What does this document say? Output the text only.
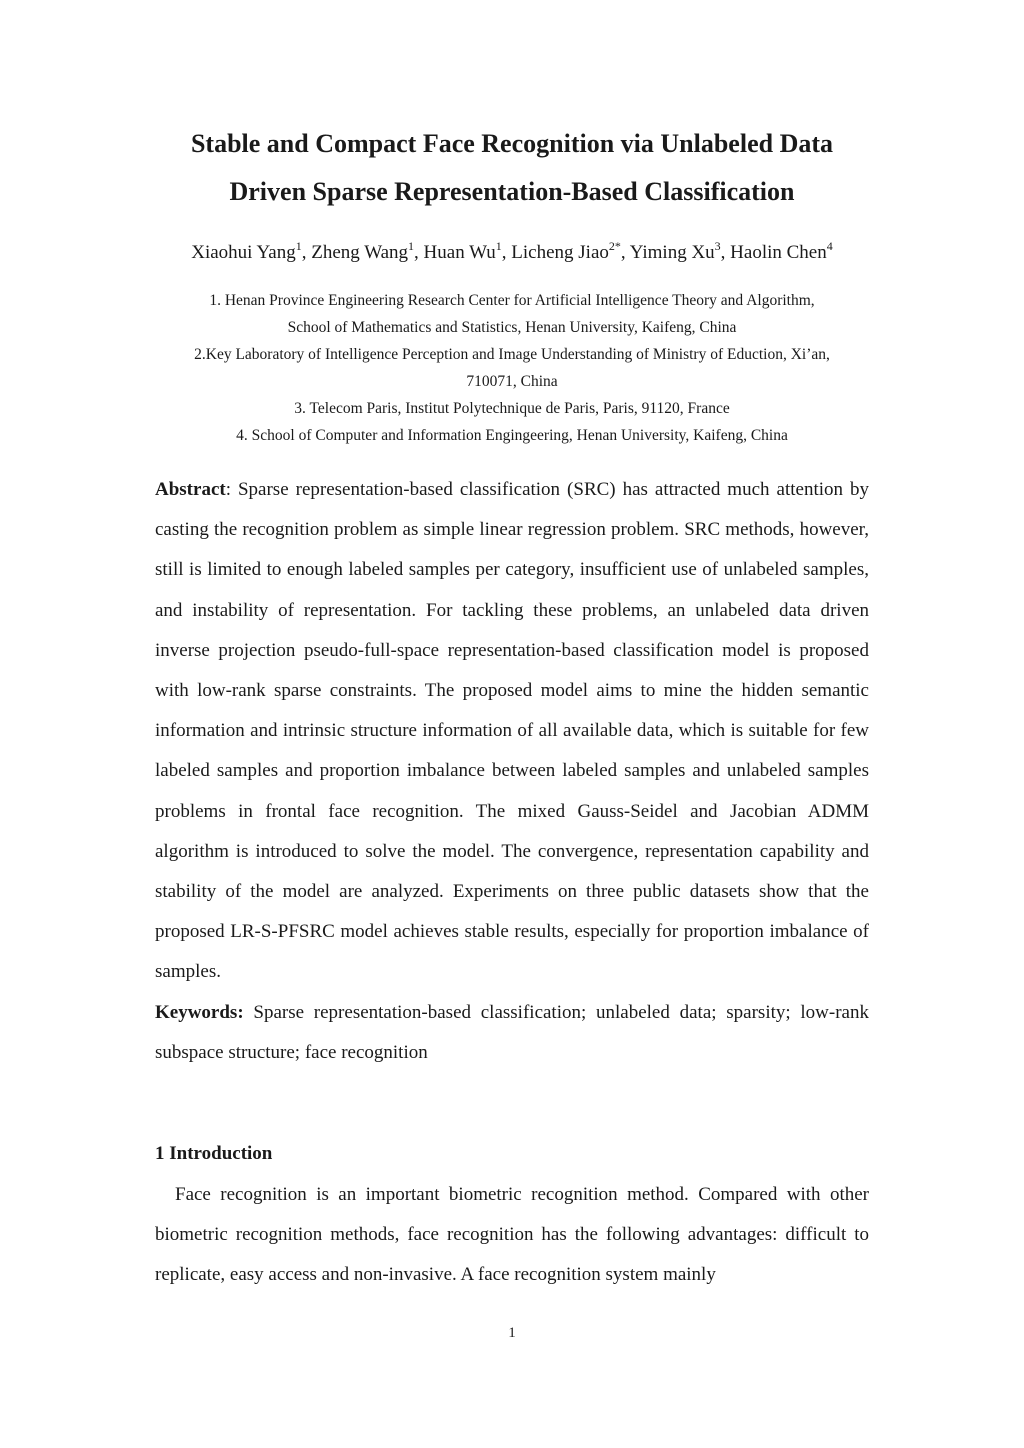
Stable and Compact Face Recognition via Unlabeled Data
Driven Sparse Representation-Based Classification
Xiaohui Yang$^1$, Zheng Wang$^1$, Huan Wu$^1$, Licheng Jiao$^{2*}$, Yiming Xu$^3$, Haolin Chen$^4$
1. Henan Province Engineering Research Center for Artificial Intelligence Theory and Algorithm,
School of Mathematics and Statistics, Henan University, Kaifeng, China
2.Key Laboratory of Intelligence Perception and Image Understanding of Ministry of Eduction, Xi’an,
710071, China
3. Telecom Paris, Institut Polytechnique de Paris, Paris, 91120, France
4. School of Computer and Information Engingeering, Henan University, Kaifeng, China

Abstract: Sparse representation-based classification (SRC) has attracted much attention by casting the recognition problem as simple linear regression problem. SRC methods, however, still is limited to enough labeled samples per category, insufficient use of unlabeled samples, and instability of representation. For tackling these problems, an unlabeled data driven inverse projection pseudo-full-space representation-based classification model is proposed with low-rank sparse constraints. The proposed model aims to mine the hidden semantic information and intrinsic structure information of all available data, which is suitable for few labeled samples and proportion imbalance between labeled samples and unlabeled samples problems in frontal face recognition. The mixed Gauss-Seidel and Jacobian ADMM algorithm is introduced to solve the model. The convergence, representation capability and stability of the model are analyzed. Experiments on three public datasets show that the proposed LR-S-PFSRC model achieves stable results, especially for proportion imbalance of samples.

Keywords: Sparse representation-based classification; unlabeled data; sparsity; low-rank subspace structure; face recognition

1 Introduction
Face recognition is an important biometric recognition method. Compared with other biometric recognition methods, face recognition has the following advantages: difficult to replicate, easy access and non-invasive. A face recognition system mainly
1
